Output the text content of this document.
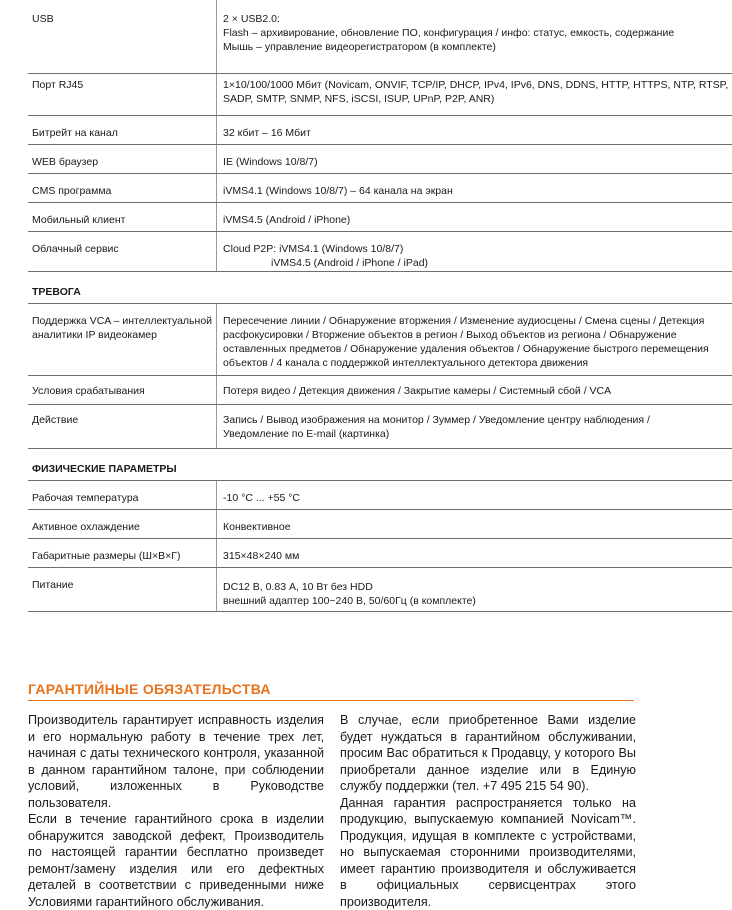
USB	2 × USB2.0:
Flash – архивирование, обновление ПО, конфигурация / инфо: статус, емкость, содержание
Мышь – управление видеорегистратором (в комплекте)

Порт RJ45	1×10/100/1000 Мбит (Novicam, ONVIF, TCP/IP, DHCP, IPv4, IPv6, DNS, DDNS, HTTP, HTTPS, NTP, RTSP,
SADP, SMTP, SNMP, NFS, iSCSI, ISUP, UPnP, P2P, ANR)

Битрейт на канал	32 кбит – 16 Мбит

WEB браузер	IE (Windows 10/8/7)

CMS программа	iVMS4.1 (Windows 10/8/7) – 64 канала на экран

Мобильный клиент	iVMS4.5 (Android / iPhone)

Облачный сервис	Cloud P2P: iVMS4.1 (Windows 10/8/7)
iVMS4.5 (Android / iPhone / iPad)

ТРЕВОГА	

Поддержка VCA – интеллектуальной
аналитики IP видеокамер	Пересечение линии / Обнаружение вторжения / Изменение аудиосцены / Смена сцены / Детекция
расфокусировки / Вторжение объектов в регион / Выход объектов из региона / Обнаружение
оставленных предметов / Обнаружение удаления объектов / Обнаружение быстрого перемещения
объектов / 4 канала с поддержкой интеллектуального детектора движения

Условия срабатывания	Потеря видео / Детекция движения / Закрытие камеры / Системный сбой / VCA

Действие	Запись / Вывод изображения на монитор / Зуммер / Уведомление центру наблюдения /
Уведомление по E-mail (картинка)

ФИЗИЧЕСКИЕ ПАРАМЕТРЫ	
Рабочая температура	-10 °C ... +55 °C

Активное охлаждение	Конвективное

Габаритные размеры (Ш×В×Г)	315×48×240 мм

Питание	DC12 В, 0.83 А, 10 Вт без HDD
внешний адаптер 100~240 В, 50/60Гц (в комплекте)
ГАРАНТИЙНЫЕ ОБЯЗАТЕЛЬСТВА

Производитель гарантирует исправность изделия и его нормальную работу в течение трех лет, начиная с даты технического контроля, указанной в данном гарантийном талоне, при соблюдении условий, изложенных в Руководстве пользователя.

Если в течение гарантийного срока в изделии обнаружится заводской дефект, Производитель по настоящей гарантии бесплатно произведет ремонт/замену изделия или его дефектных деталей в соответствии с приведенными ниже Условиями гарантийного обслуживания.

В случае, если приобретенное Вами изделие будет нуждаться в гарантийном обслуживании, просим Вас обратиться к Продавцу, у которого Вы приобретали данное изделие или в Единую службу поддержки (тел. +7 495 215 54 90).

Данная гарантия распространяется только на продукцию, выпускаемую компанией Novicam™. Продукция, идущая в комплекте с устройствами, но выпускаемая сторонними производителями, имеет гарантию производителя и обслуживается в официальных сервисцентрах этого производителя.
